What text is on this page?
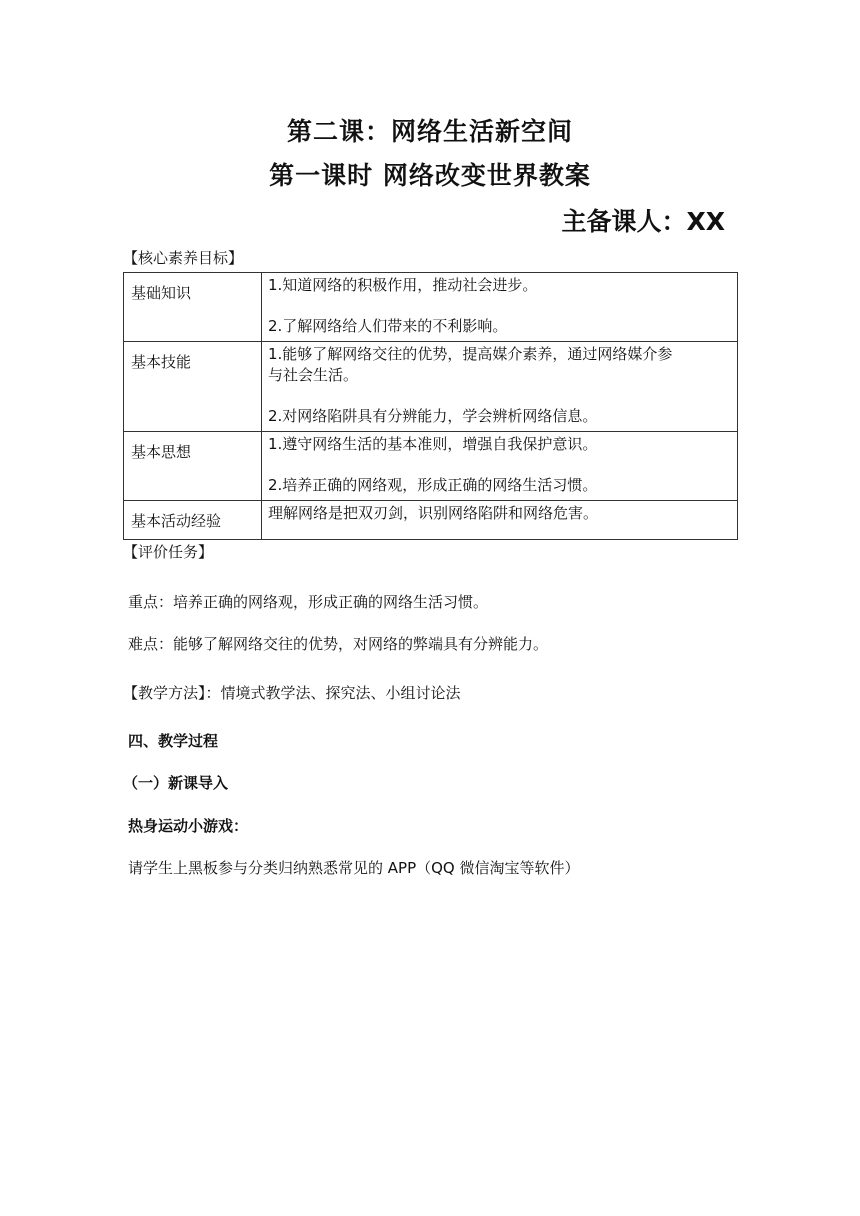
第二课：网络生活新空间
第一课时 网络改变世界教案
主备课人：XX
【核心素养目标】
基础知识	1.知道网络的积极作用，推动社会进步。
2.了解网络给人们带来的不利影响。

基本技能	1.能够了解网络交往的优势，提高媒介素养，通过网络媒介参
与社会生活。
2.对网络陷阱具有分辨能力，学会辨析网络信息。

基本思想	1.遵守网络生活的基本准则，增强自我保护意识。
2.培养正确的网络观，形成正确的网络生活习惯。

基本活动经验	理解网络是把双刃剑，识别网络陷阱和网络危害。
【评价任务】
重点：培养正确的网络观，形成正确的网络生活习惯。
难点：能够了解网络交往的优势，对网络的弊端具有分辨能力。
【教学方法】：情境式教学法、探究法、小组讨论法
四、教学过程
（一）新课导入
热身运动小游戏：
请学生上黑板参与分类归纳熟悉常见的 APP（QQ 微信淘宝等软件）
